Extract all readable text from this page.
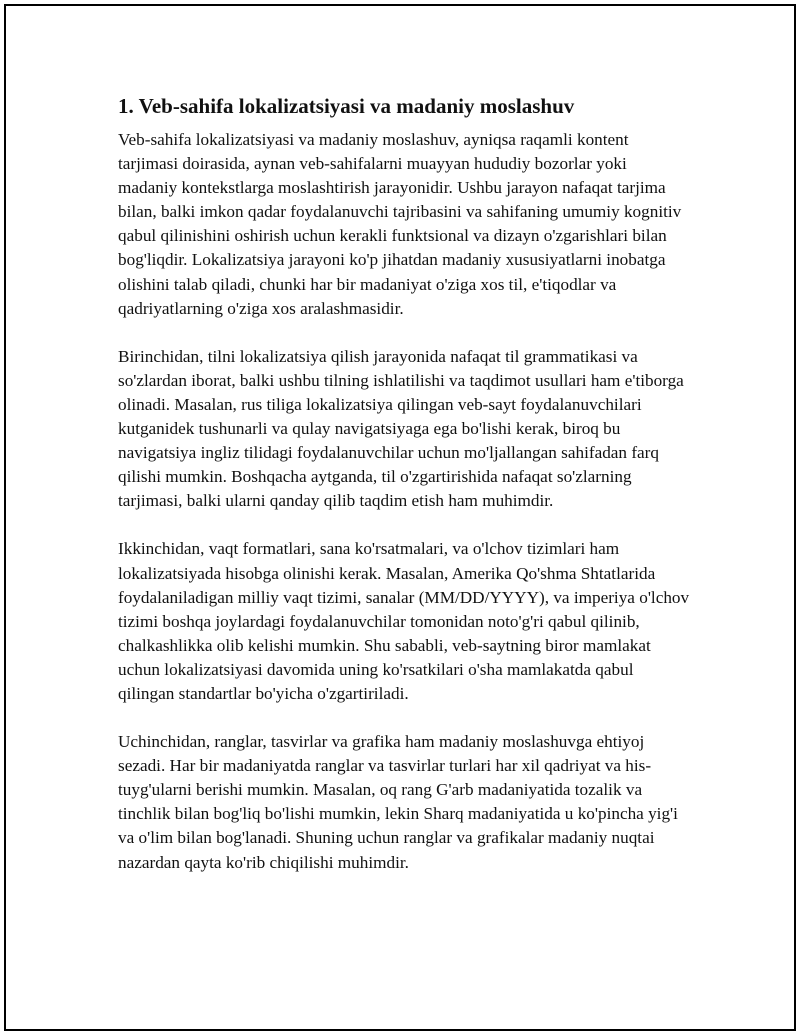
1. Veb-sahifa lokalizatsiyasi va madaniy moslashuv

Veb-sahifa lokalizatsiyasi va madaniy moslashuv, ayniqsa raqamli kontent tarjimasi doirasida, aynan veb-sahifalarni muayyan hududiy bozorlar yoki madaniy kontekstlarga moslashtirish jarayonidir. Ushbu jarayon nafaqat tarjima bilan, balki imkon qadar foydalanuvchi tajribasini va sahifaning umumiy kognitiv qabul qilinishini oshirish uchun kerakli funktsional va dizayn o'zgarishlari bilan bog'liqdir. Lokalizatsiya jarayoni ko'p jihatdan madaniy xususiyatlarni inobatga olishini talab qiladi, chunki har bir madaniyat o'ziga xos til, e'tiqodlar va qadriyatlarning o'ziga xos aralashmasidir.

Birinchidan, tilni lokalizatsiya qilish jarayonida nafaqat til grammatikasi va so'zlardan iborat, balki ushbu tilning ishlatilishi va taqdimot usullari ham e'tiborga olinadi. Masalan, rus tiliga lokalizatsiya qilingan veb-sayt foydalanuvchilari kutganidek tushunarli va qulay navigatsiyaga ega bo'lishi kerak, biroq bu navigatsiya ingliz tilidagi foydalanuvchilar uchun mo'ljallangan sahifadan farq qilishi mumkin. Boshqacha aytganda, til o'zgartirishida nafaqat so'zlarning tarjimasi, balki ularni qanday qilib taqdim etish ham muhimdir.

Ikkinchidan, vaqt formatlari, sana ko'rsatmalari, va o'lchov tizimlari ham lokalizatsiyada hisobga olinishi kerak. Masalan, Amerika Qo'shma Shtatlarida foydalaniladigan milliy vaqt tizimi, sanalar (MM/DD/YYYY), va imperiya o'lchov tizimi boshqa joylardagi foydalanuvchilar tomonidan noto'g'ri qabul qilinib, chalkashlikka olib kelishi mumkin. Shu sababli, veb-saytning biror mamlakat uchun lokalizatsiyasi davomida uning ko'rsatkilari o'sha mamlakatda qabul qilingan standartlar bo'yicha o'zgartiriladi.

Uchinchidan, ranglar, tasvirlar va grafika ham madaniy moslashuvga ehtiyoj sezadi. Har bir madaniyatda ranglar va tasvirlar turlari har xil qadriyat va his-tuyg'ularni berishi mumkin. Masalan, oq rang G'arb madaniyatida tozalik va tinchlik bilan bog'liq bo'lishi mumkin, lekin Sharq madaniyatida u ko'pincha yig'i va o'lim bilan bog'lanadi. Shuning uchun ranglar va grafikalar madaniy nuqtai nazardan qayta ko'rib chiqilishi muhimdir.
